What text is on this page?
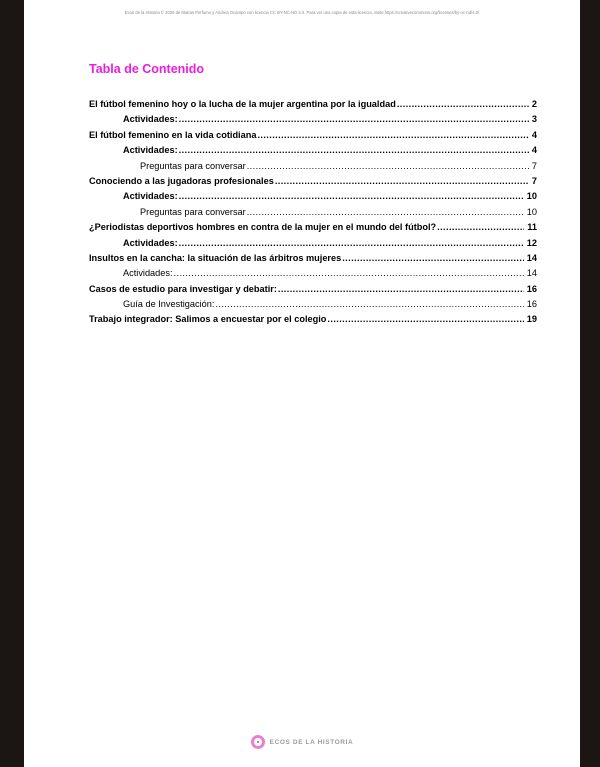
Ecos de la Historia © 2026 de Matías Perfumo y Andrea Ocampo con licencia CC BY-NC-ND 4.0. Para ver una copia de esta licencia, visite https://creativecommons.org/licenses/by-nc-nd/4.0/
Tabla de Contenido
El fútbol femenino hoy o la lucha de la mujer argentina por la igualdad .....	2
Actividades: .....	3
El fútbol femenino en la vida cotidiana .....	4
Actividades: .....	4
Preguntas para conversar .....	7
Conociendo a las jugadoras profesionales .....	7
Actividades: .....	10
Preguntas para conversar .....	10
¿Periodistas deportivos hombres en contra de la mujer en el mundo del fútbol? .....	11
Actividades: .....	12
Insultos en la cancha: la situación de las árbitros mujeres .....	14
Actividades: .....	14
Casos de estudio para investigar y debatir: .....	16
Guía de Investigación: .....	16
Trabajo integrador: Salimos a encuestar por el colegio .....	19
ECOS DE LA HISTORIA
